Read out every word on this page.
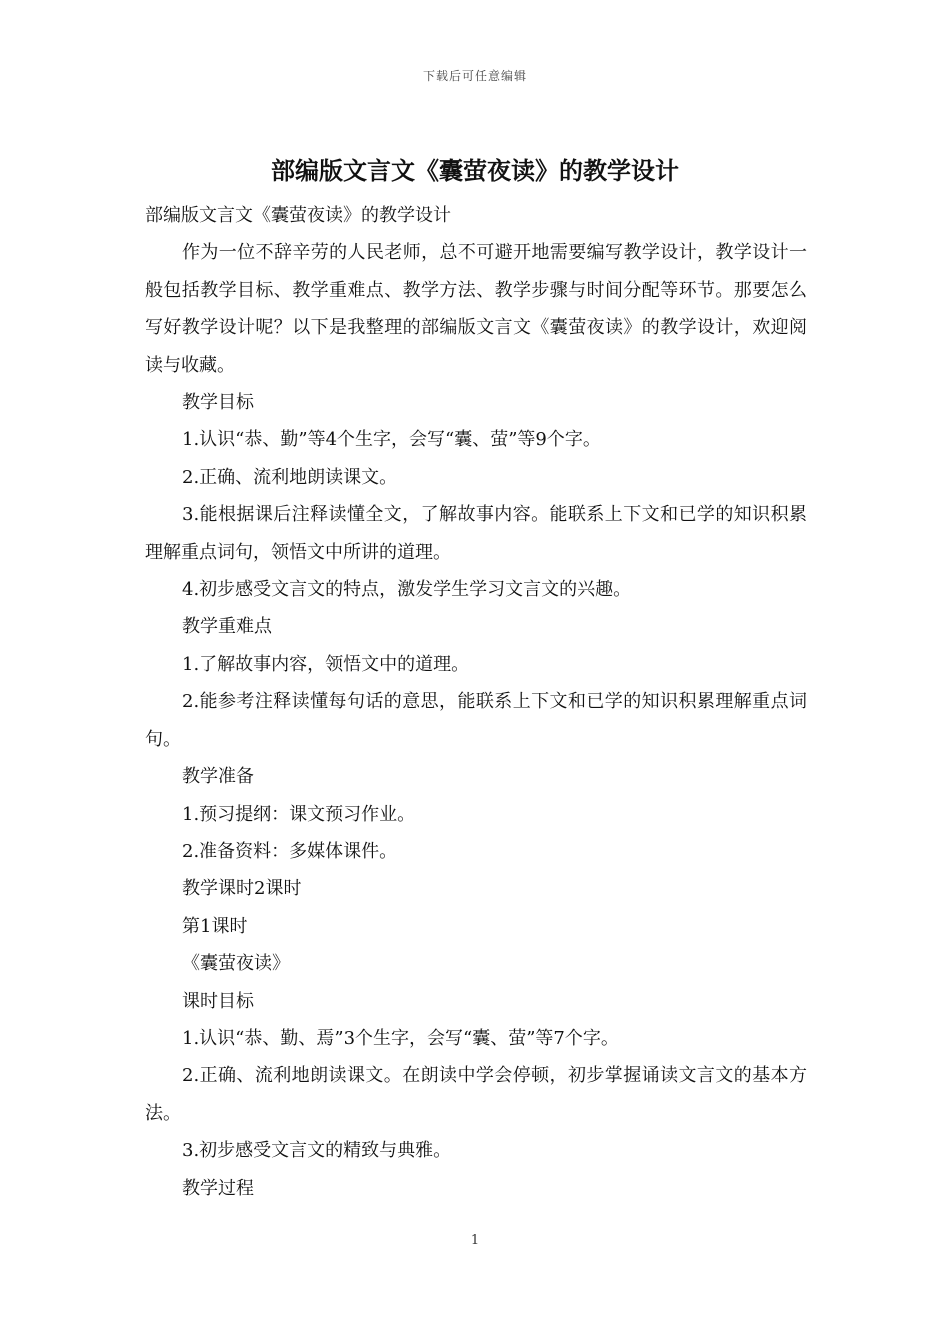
下载后可任意编辑
部编版文言文《囊萤夜读》的教学设计

部编版文言文《囊萤夜读》的教学设计

作为一位不辞辛劳的人民老师，总不可避开地需要编写教学设计，教学设计一般包括教学目标、教学重难点、教学方法、教学步骤与时间分配等环节。那要怎么写好教学设计呢？以下是我整理的部编版文言文《囊萤夜读》的教学设计，欢迎阅读与收藏。

教学目标

1.认识“恭、勤”等4个生字，会写“囊、萤”等9个字。

2.正确、流利地朗读课文。

3.能根据课后注释读懂全文，了解故事内容。能联系上下文和已学的知识积累理解重点词句，领悟文中所讲的道理。

4.初步感受文言文的特点，激发学生学习文言文的兴趣。

教学重难点

1.了解故事内容，领悟文中的道理。

2.能参考注释读懂每句话的意思，能联系上下文和已学的知识积累理解重点词句。

教学准备

1.预习提纲：课文预习作业。

2.准备资料：多媒体课件。

教学课时2课时

第1课时

《囊萤夜读》

课时目标

1.认识“恭、勤、焉”3个生字，会写“囊、萤”等7个字。

2.正确、流利地朗读课文。在朗读中学会停顿，初步掌握诵读文言文的基本方法。

3.初步感受文言文的精致与典雅。

教学过程

1
